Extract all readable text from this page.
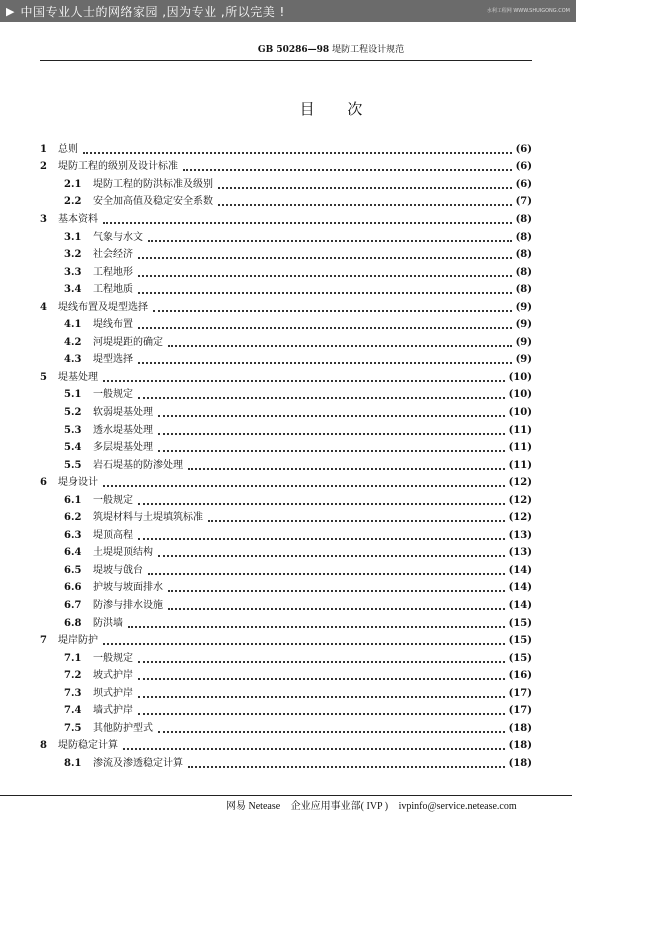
▶ 中国专业人士的网络家园 ,因为专业 ,所以完美 !	水利工程网 WWW.SHUIGONG.COM
GB 50286—98 堤防工程设计规范
目 次
1	总则	(6)
2	堤防工程的级别及设计标准	(6)
2.1	堤防工程的防洪标准及级别	(6)
2.2	安全加高值及稳定安全系数	(7)
3	基本资料	(8)
3.1	气象与水文	(8)
3.2	社会经济	(8)
3.3	工程地形	(8)
3.4	工程地质	(8)
4	堤线布置及堤型选择	(9)
4.1	堤线布置	(9)
4.2	河堤堤距的确定	(9)
4.3	堤型选择	(9)
5	堤基处理	(10)
5.1	一般规定	(10)
5.2	软弱堤基处理	(10)
5.3	透水堤基处理	(11)
5.4	多层堤基处理	(11)
5.5	岩石堤基的防渗处理	(11)
6	堤身设计	(12)
6.1	一般规定	(12)
6.2	筑堤材料与土堤填筑标准	(12)
6.3	堤顶高程	(13)
6.4	土堤堤顶结构	(13)
6.5	堤坡与戗台	(14)
6.6	护坡与坡面排水	(14)
6.7	防渗与排水设施	(14)
6.8	防洪墙	(15)
7	堤岸防护	(15)
7.1	一般规定	(15)
7.2	坡式护岸	(16)
7.3	坝式护岸	(17)
7.4	墙式护岸	(17)
7.5	其他防护型式	(18)
8	堤防稳定计算	(18)
8.1	渗流及渗透稳定计算	(18)
网易 Netease 企业应用事业部( IVP ) ivpinfo@service.netease.com
